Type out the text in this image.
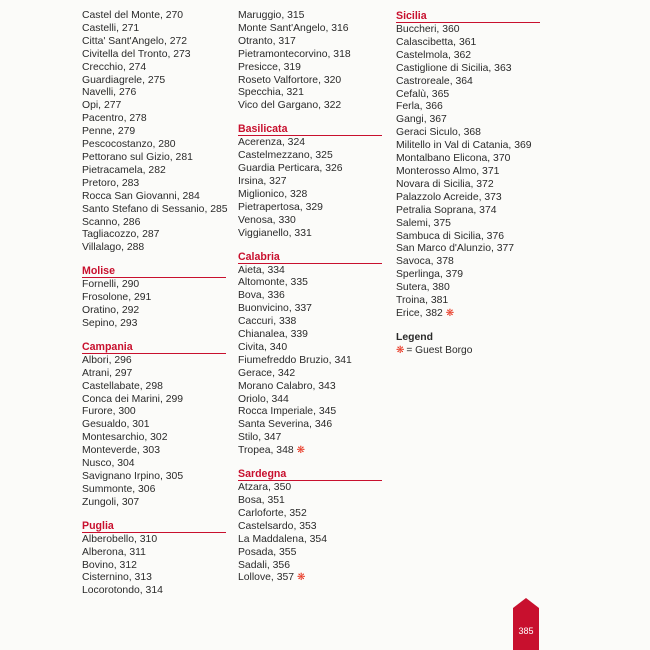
Castel del Monte, 270
Castelli, 271
Citta' Sant'Angelo, 272
Civitella del Tronto, 273
Crecchio, 274
Guardiagrele, 275
Navelli, 276
Opi, 277
Pacentro, 278
Penne, 279
Pescocostanzo, 280
Pettorano sul Gizio, 281
Pietracamela, 282
Pretoro, 283
Rocca San Giovanni, 284
Santo Stefano di Sessanio, 285
Scanno, 286
Tagliacozzo, 287
Villalago, 288
Molise
Fornelli, 290
Frosolone, 291
Oratino, 292
Sepino, 293
Campania
Albori, 296
Atrani, 297
Castellabate, 298
Conca dei Marini, 299
Furore, 300
Gesualdo, 301
Montesarchio, 302
Monteverde, 303
Nusco, 304
Savignano Irpino, 305
Summonte, 306
Zungoli, 307
Puglia
Alberobello, 310
Alberona, 311
Bovino, 312
Cisternino, 313
Locorotondo, 314
Maruggio, 315
Monte Sant'Angelo, 316
Otranto, 317
Pietramontecorvino, 318
Presicce, 319
Roseto Valfortore, 320
Specchia, 321
Vico del Gargano, 322
Basilicata
Acerenza, 324
Castelmezzano, 325
Guardia Perticara, 326
Irsina, 327
Miglionico, 328
Pietrapertosa, 329
Venosa, 330
Viggianello, 331
Calabria
Aieta, 334
Altomonte, 335
Bova, 336
Buonvicino, 337
Caccuri, 338
Chianalea, 339
Civita, 340
Fiumefreddo Bruzio, 341
Gerace, 342
Morano Calabro, 343
Oriolo, 344
Rocca Imperiale, 345
Santa Severina, 346
Stilo, 347
Tropea, 348 ❋
Sardegna
Atzara, 350
Bosa, 351
Carloforte, 352
Castelsardo, 353
La Maddalena, 354
Posada, 355
Sadali, 356
Lollove, 357 ❋
Sicilia
Buccheri, 360
Calascibetta, 361
Castelmola, 362
Castiglione di Sicilia, 363
Castroreale, 364
Cefalù, 365
Ferla, 366
Gangi, 367
Geraci Siculo, 368
Militello in Val di Catania, 369
Montalbano Elicona, 370
Monterosso Almo, 371
Novara di Sicilia, 372
Palazzolo Acreide, 373
Petralia Soprana, 374
Salemi, 375
Sambuca di Sicilia, 376
San Marco d'Alunzio, 377
Savoca, 378
Sperlinga, 379
Sutera, 380
Troina, 381
Erice, 382 ❋
Legend
❋ = Guest Borgo
385
